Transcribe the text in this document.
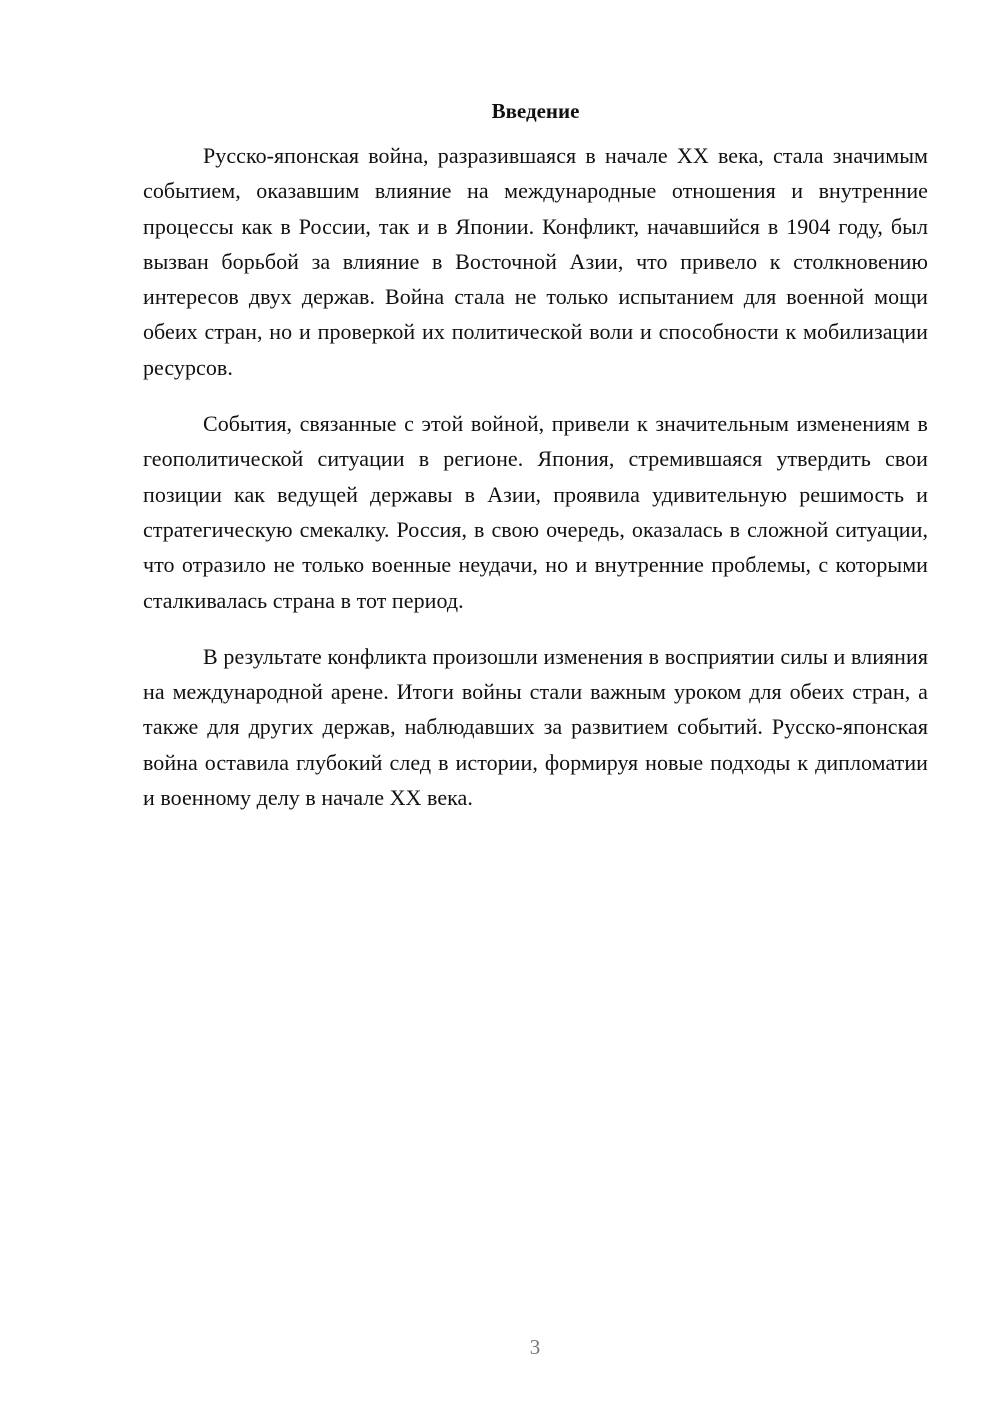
Введение

Русско-японская война, разразившаяся в начале XX века, стала значимым событием, оказавшим влияние на международные отношения и внутренние процессы как в России, так и в Японии. Конфликт, начавшийся в 1904 году, был вызван борьбой за влияние в Восточной Азии, что привело к столкновению интересов двух держав. Война стала не только испытанием для военной мощи обеих стран, но и проверкой их политической воли и способности к мобилизации ресурсов.

События, связанные с этой войной, привели к значительным изменениям в геополитической ситуации в регионе. Япония, стремившаяся утвердить свои позиции как ведущей державы в Азии, проявила удивительную решимость и стратегическую смекалку. Россия, в свою очередь, оказалась в сложной ситуации, что отразило не только военные неудачи, но и внутренние проблемы, с которыми сталкивалась страна в тот период.

В результате конфликта произошли изменения в восприятии силы и влияния на международной арене. Итоги войны стали важным уроком для обеих стран, а также для других держав, наблюдавших за развитием событий. Русско-японская война оставила глубокий след в истории, формируя новые подходы к дипломатии и военному делу в начале XX века.

3
